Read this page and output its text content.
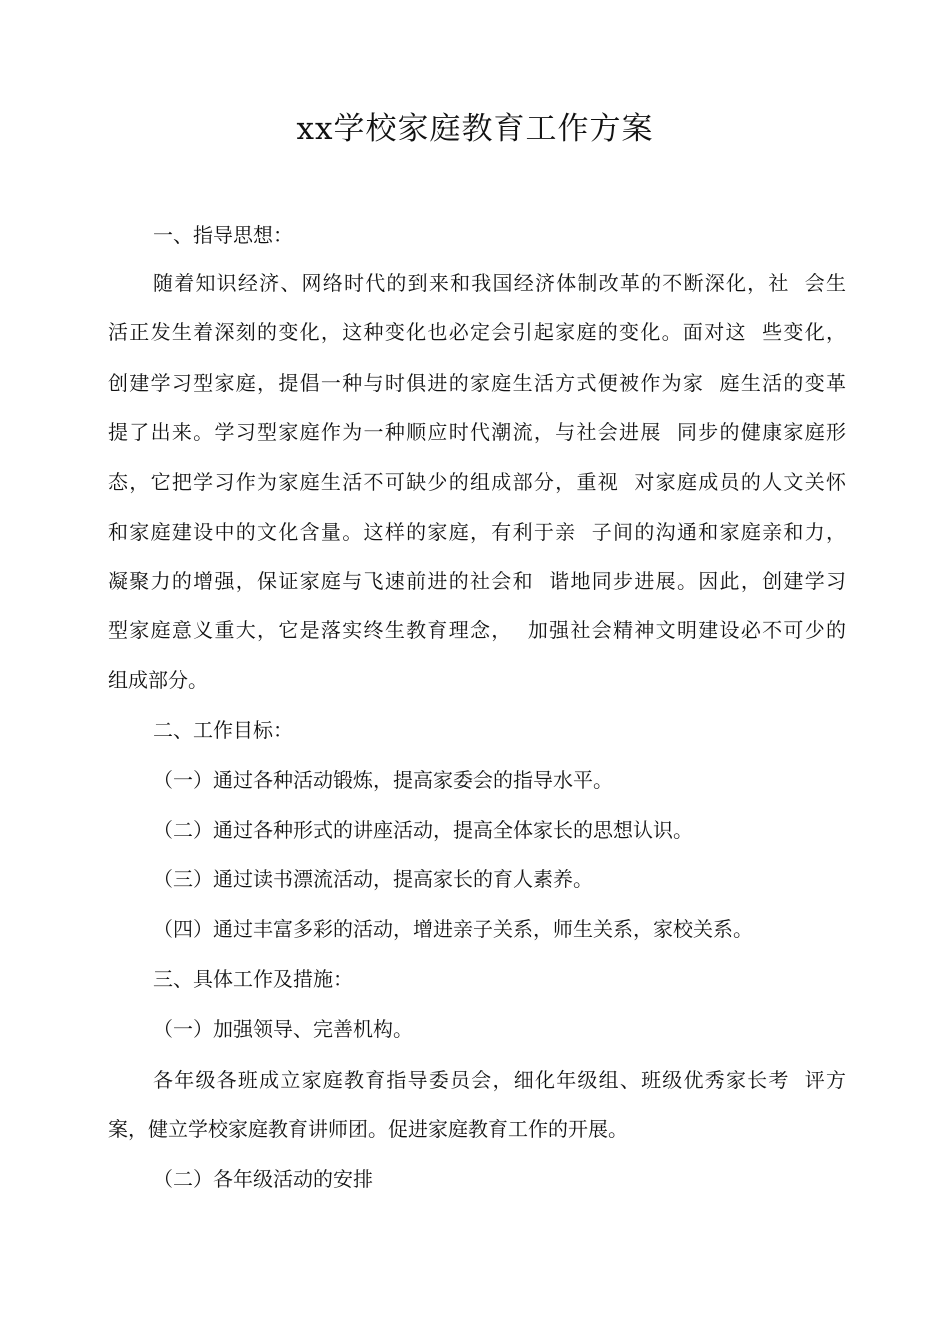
xx学校家庭教育工作方案
一、指导思想：
随着知识经济、网络时代的到来和我国经济体制改革的不断深化，社  会生
活正发生着深刻的变化，这种变化也必定会引起家庭的变化。面对这  些变化，
创建学习型家庭，提倡一种与时俱进的家庭生活方式便被作为家  庭生活的变革
提了出来。学习型家庭作为一种顺应时代潮流，与社会进展  同步的健康家庭形
态，它把学习作为家庭生活不可缺少的组成部分，重视  对家庭成员的人文关怀
和家庭建设中的文化含量。这样的家庭，有利于亲  子间的沟通和家庭亲和力，
凝聚力的增强，保证家庭与飞速前进的社会和  谐地同步进展。因此，创建学习
型家庭意义重大，它是落实终生教育理念，  加强社会精神文明建设必不可少的
组成部分。
二、工作目标：
（一）通过各种活动锻炼，提高家委会的指导水平。
（二）通过各种形式的讲座活动，提高全体家长的思想认识。
（三）通过读书漂流活动，提高家长的育人素养。
（四）通过丰富多彩的活动，增进亲子关系，师生关系，家校关系。
三、具体工作及措施：
（一）加强领导、完善机构。
各年级各班成立家庭教育指导委员会，细化年级组、班级优秀家长考  评方
案，健立学校家庭教育讲师团。促进家庭教育工作的开展。
（二）各年级活动的安排
